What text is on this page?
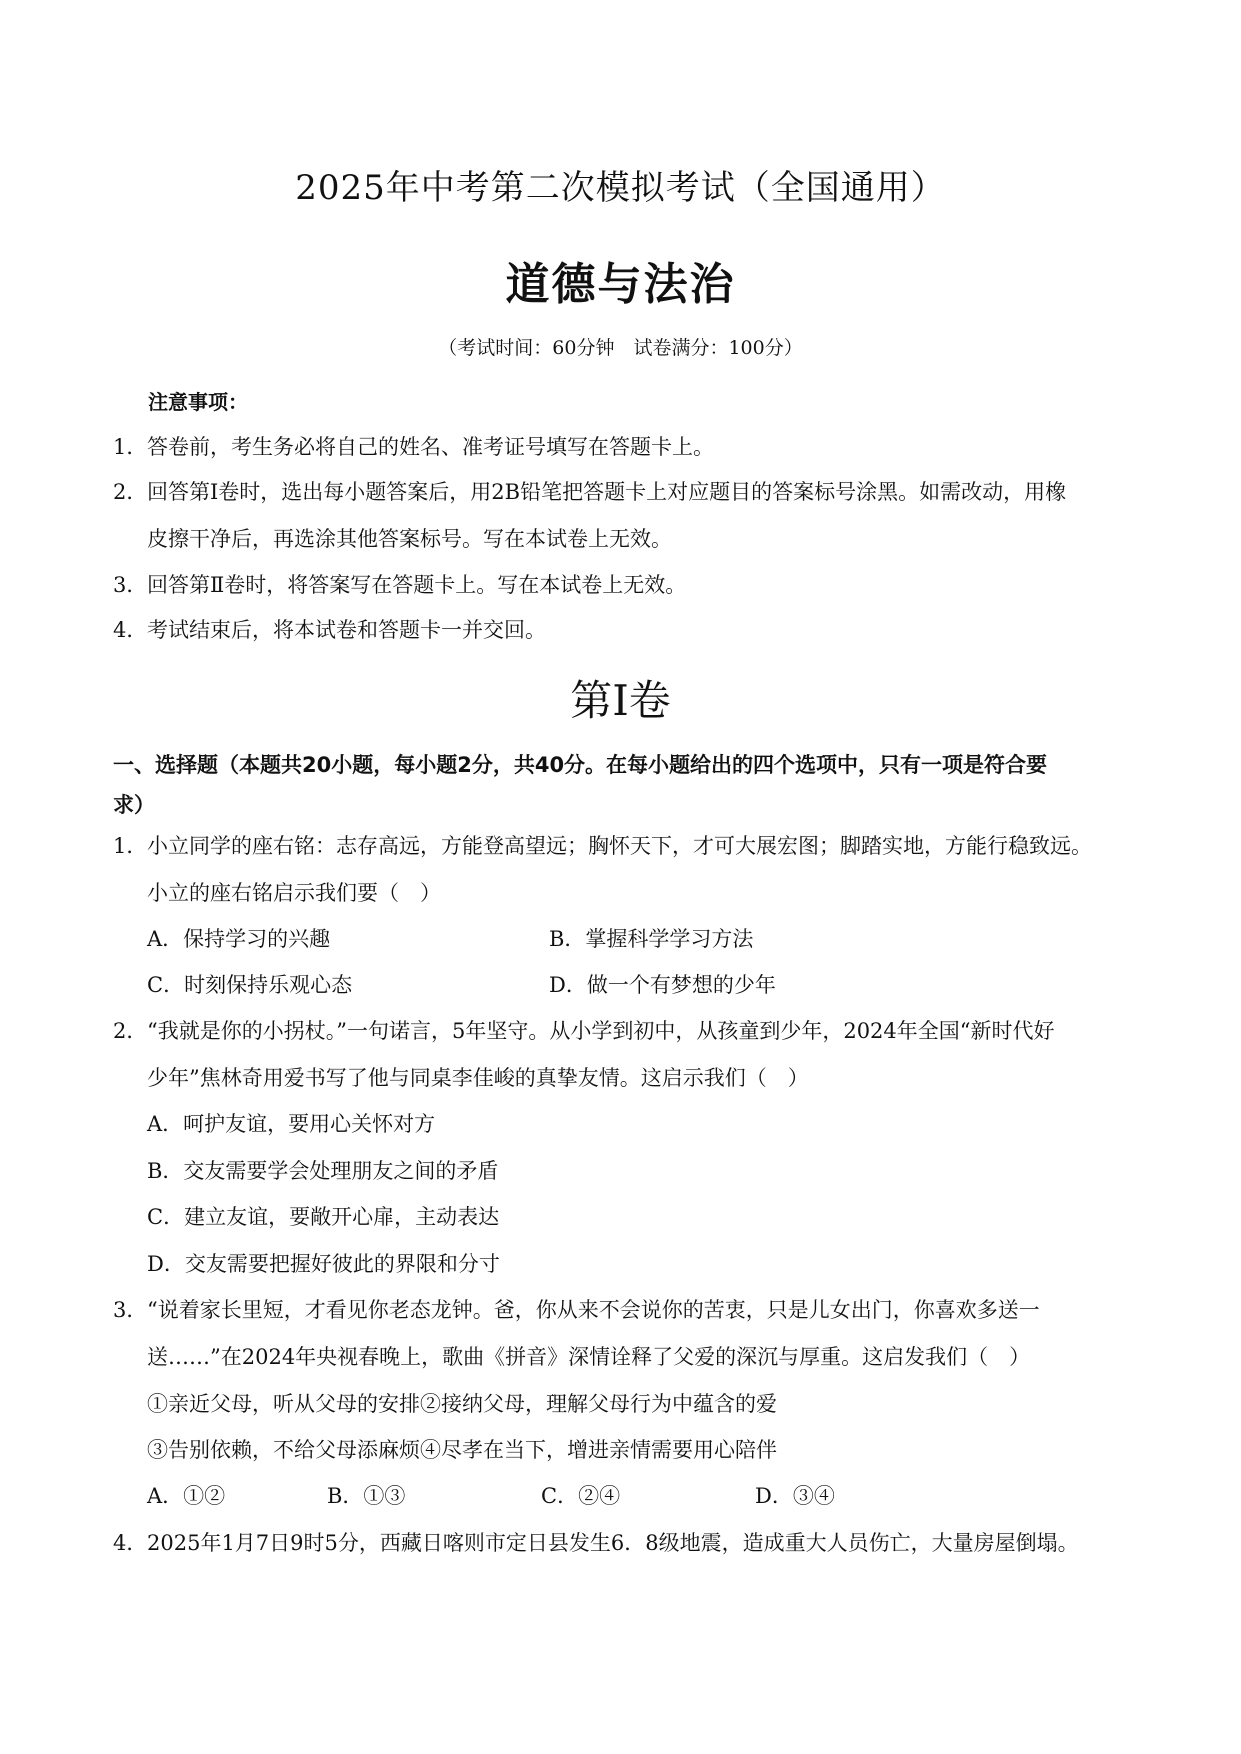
2025年中考第二次模拟考试（全国通用）
道德与法治
（考试时间：60分钟　试卷满分：100分）
注意事项：
1． 答卷前，考生务必将自己的姓名、准考证号填写在答题卡上。
2． 回答第Ⅰ卷时，选出每小题答案后，用2B铅笔把答题卡上对应题目的答案标号涂黑。如需改动，用橡
皮擦干净后，再选涂其他答案标号。写在本试卷上无效。
3． 回答第Ⅱ卷时，将答案写在答题卡上。写在本试卷上无效。
4． 考试结束后，将本试卷和答题卡一并交回。
第Ⅰ卷
一、选择题（本题共20小题，每小题2分，共40分。在每小题给出的四个选项中，只有一项是符合要
求）
1． 小立同学的座右铭：志存高远，方能登高望远；胸怀天下，才可大展宏图；脚踏实地，方能行稳致远。
小立的座右铭启示我们要（　）
A．保持学习的兴趣	B．掌握科学学习方法
C．时刻保持乐观心态	D．做一个有梦想的少年
2． “我就是你的小拐杖。”一句诺言，5年坚守。从小学到初中，从孩童到少年，2024年全国“新时代好
少年”焦林奇用爱书写了他与同桌李佳峻的真挚友情。这启示我们（　）
A．呵护友谊，要用心关怀对方
B．交友需要学会处理朋友之间的矛盾
C．建立友谊，要敞开心扉，主动表达
D．交友需要把握好彼此的界限和分寸
3． “说着家长里短，才看见你老态龙钟。爸，你从来不会说你的苦衷，只是儿女出门，你喜欢多送一
送……”在2024年央视春晚上，歌曲《拼音》深情诠释了父爱的深沉与厚重。这启发我们（　）
①亲近父母，听从父母的安排②接纳父母，理解父母行为中蕴含的爱
③告别依赖，不给父母添麻烦④尽孝在当下，增进亲情需要用心陪伴
A．①②	B．①③	C．②④	D．③④
4． 2025年1月7日9时5分，西藏日喀则市定日县发生6．8级地震，造成重大人员伤亡，大量房屋倒塌。
